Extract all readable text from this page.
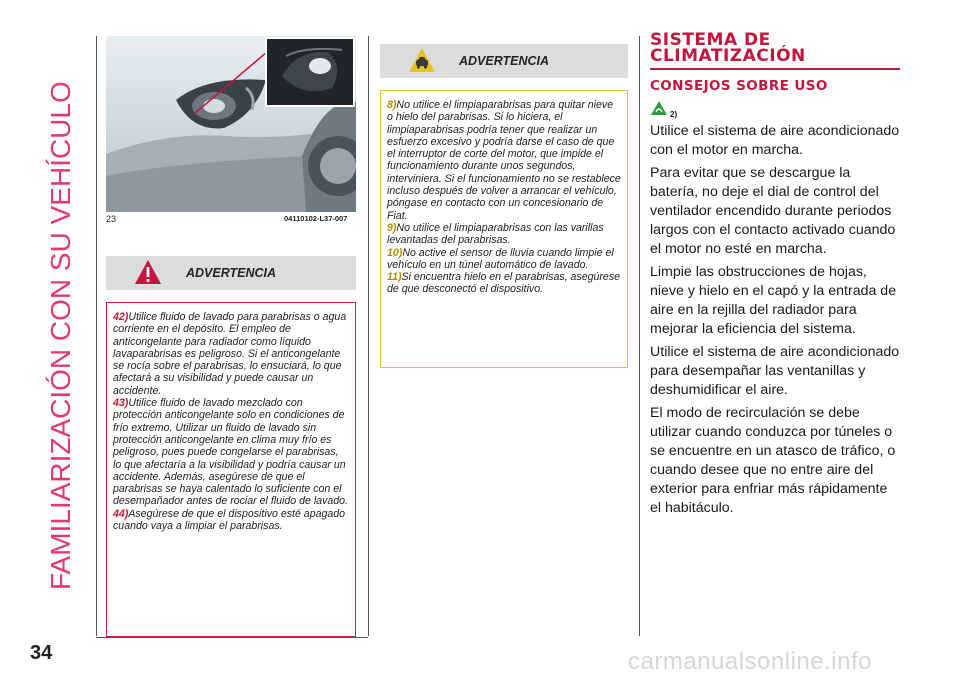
FAMILIARIZACIÓN CON SU VEHÍCULO
34
23	04110102-L37-007
ADVERTENCIA

42)Utilice fluido de lavado para parabrisas o agua corriente en el depósito. El empleo de anticongelante para radiador como líquido lavaparabrisas es peligroso. Si el anticongelante se rocía sobre el parabrisas, lo ensuciará, lo que afectará a su visibilidad y puede causar un accidente.

43)Utilice fluido de lavado mezclado con protección anticongelante solo en condiciones de frío extremo. Utilizar un fluido de lavado sin protección anticongelante en clima muy frío es peligroso, pues puede congelarse el parabrisas, lo que afectaría a la visibilidad y podría causar un accidente. Además, asegúrese de que el parabrisas se haya calentado lo suficiente con el desempañador antes de rociar el fluido de lavado.

44)Asegúrese de que el dispositivo esté apagado cuando vaya a limpiar el parabrisas.

ADVERTENCIA

8)No utilice el limpiaparabrisas para quitar nieve o hielo del parabrisas. Si lo hiciera, el limpiaparabrisas podría tener que realizar un esfuerzo excesivo y podría darse el caso de que el interruptor de corte del motor, que impide el funcionamiento durante unos segundos, interviniera. Si el funcionamiento no se restablece incluso después de volver a arrancar el vehículo, póngase en contacto con un concesionario de Fiat.

9)No utilice el limpiaparabrisas con las varillas levantadas del parabrisas.

10)No active el sensor de lluvia cuando limpie el vehículo en un túnel automático de lavado.

11)Si encuentra hielo en el parabrisas, asegúrese de que desconectó el dispositivo.

SISTEMA DE
CLIMATIZACIÓN
CONSEJOS SOBRE USO
$_{2)}$

Utilice el sistema de aire acondicionado con el motor en marcha.

Para evitar que se descargue la batería, no deje el dial de control del ventilador encendido durante periodos largos con el contacto activado cuando el motor no esté en marcha.

Limpie las obstrucciones de hojas, nieve y hielo en el capó y la entrada de aire en la rejilla del radiador para mejorar la eficiencia del sistema.

Utilice el sistema de aire acondicionado para desempañar las ventanillas y deshumidificar el aire.

El modo de recirculación se debe utilizar cuando conduzca por túneles o se encuentre en un atasco de tráfico, o cuando desee que no entre aire del exterior para enfriar más rápidamente el habitáculo.

carmanualsonline.info
